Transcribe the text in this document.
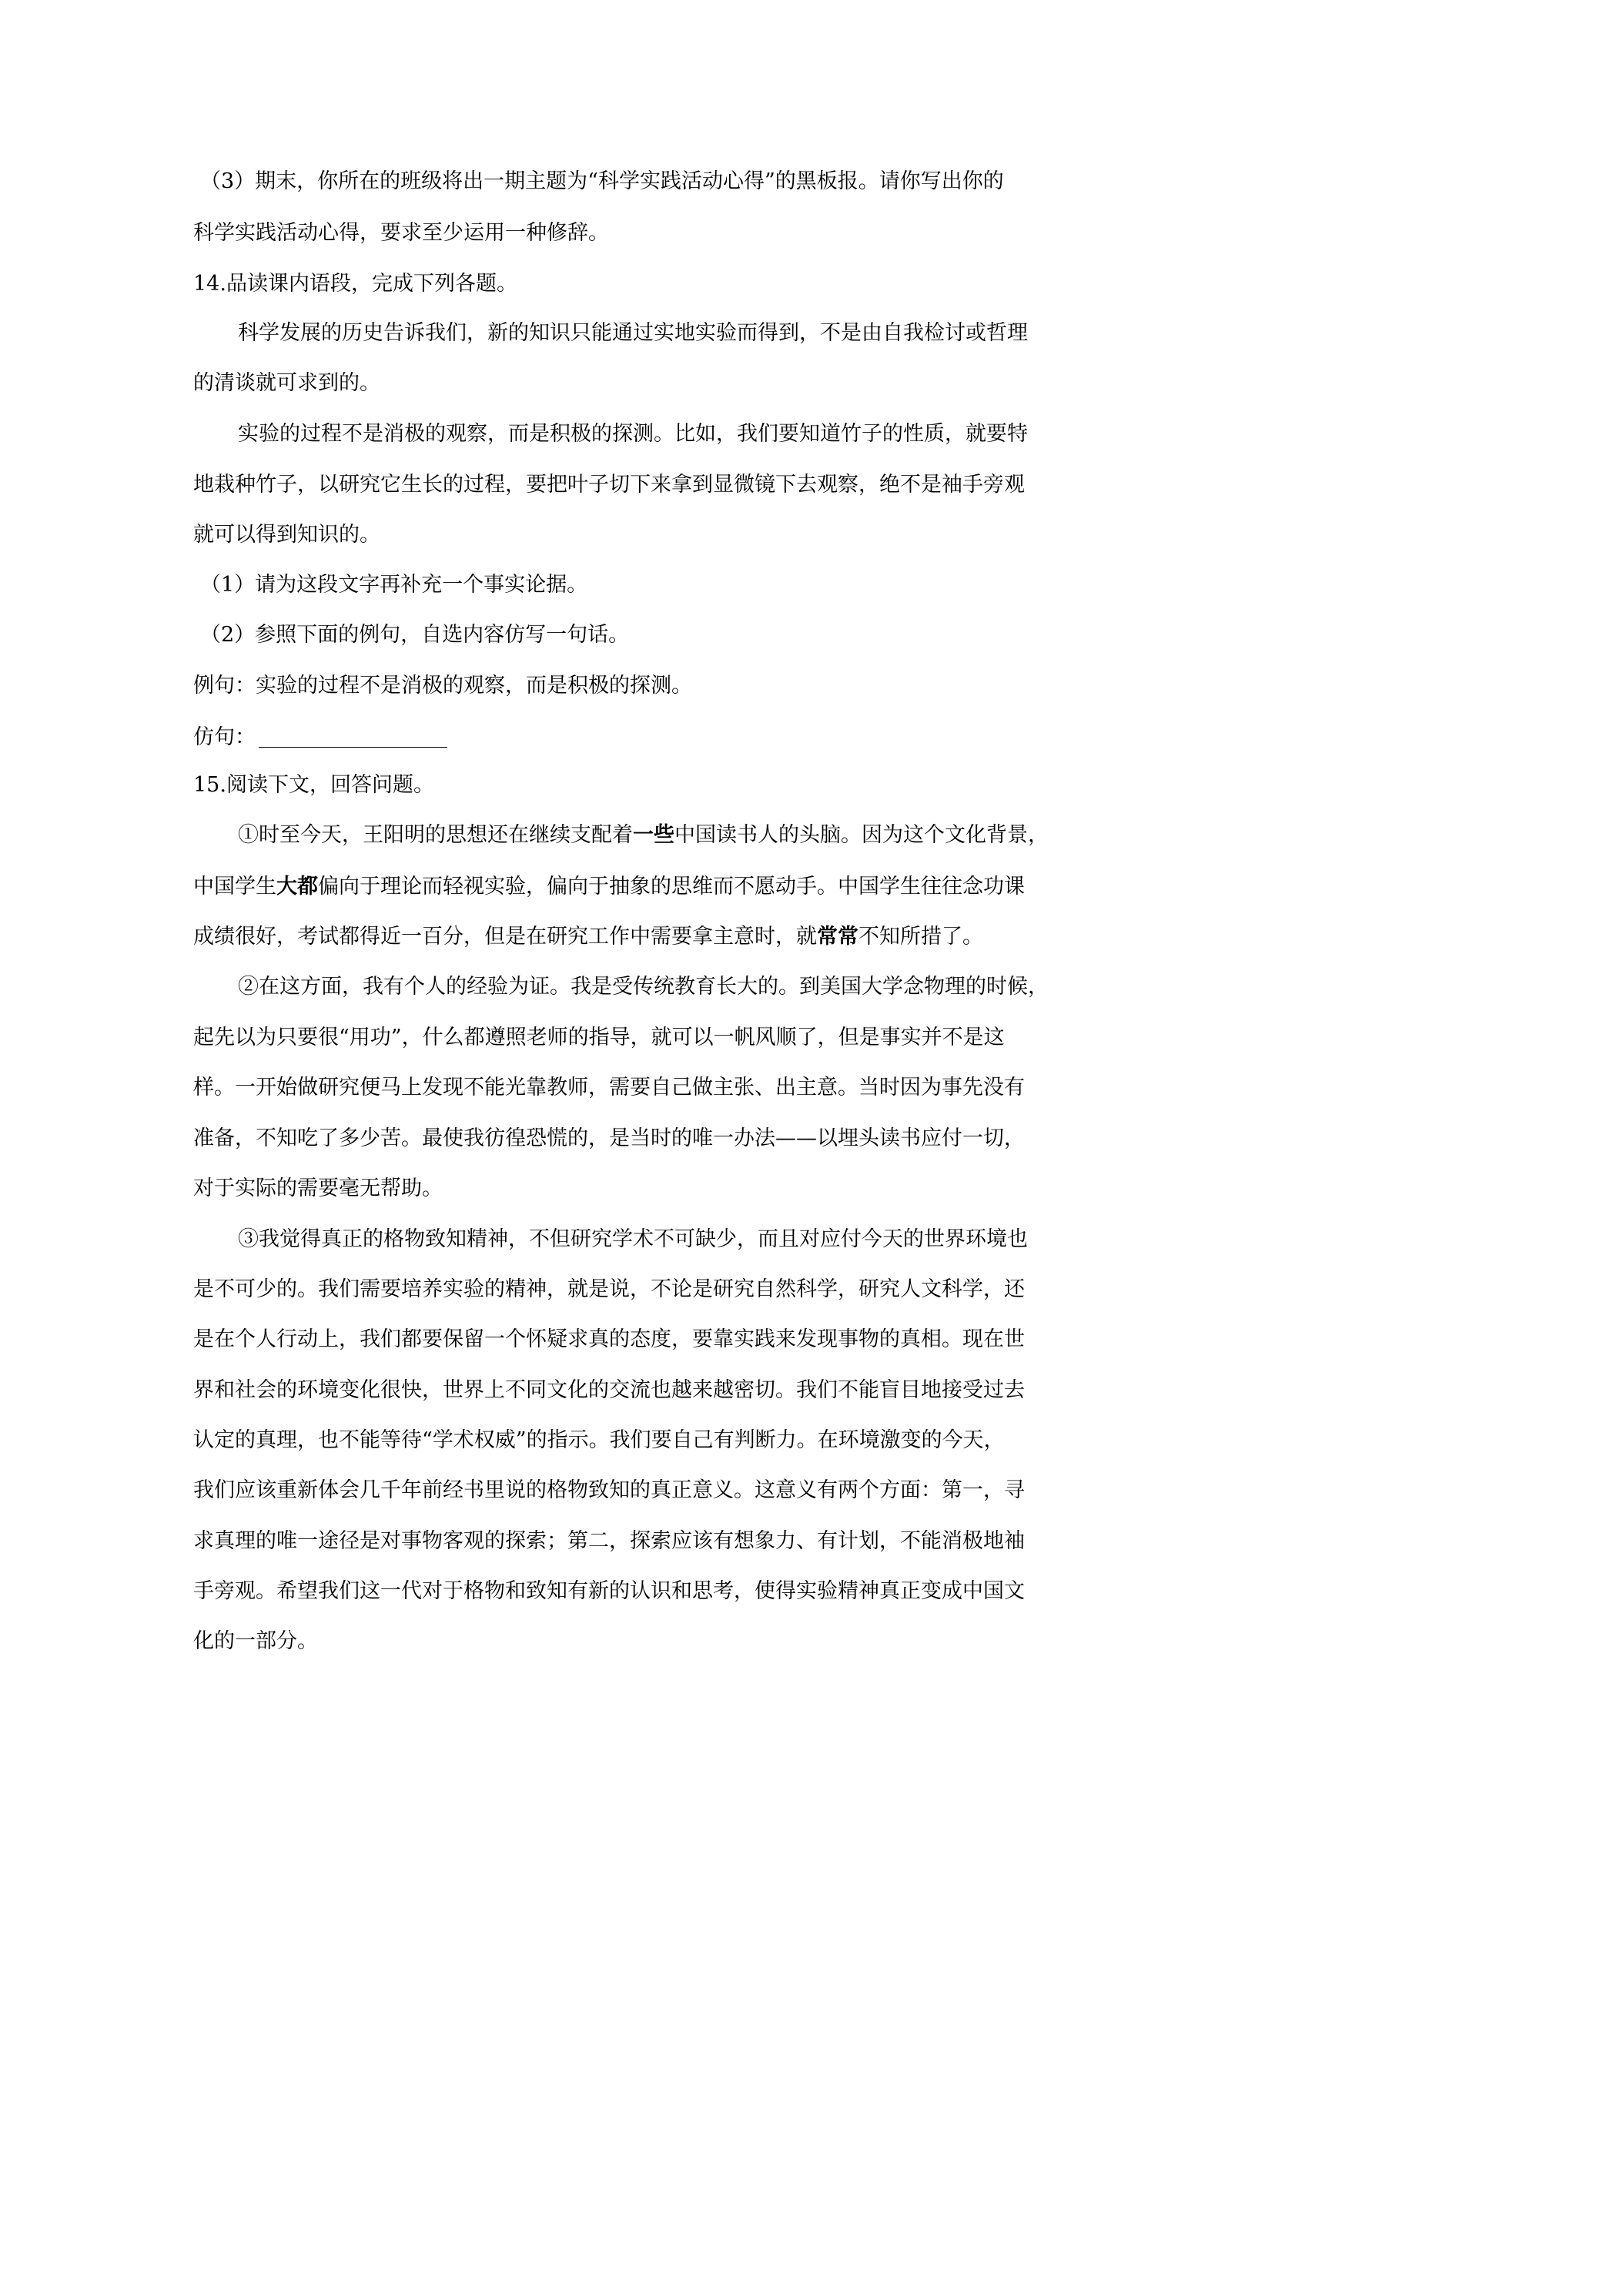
（3）期末，你所在的班级将出一期主题为“科学实践活动心得”的黑板报。请你写出你的
科学实践活动心得，要求至少运用一种修辞。
14.品读课内语段，完成下列各题。
科学发展的历史告诉我们，新的知识只能通过实地实验而得到，不是由自我检讨或哲理
的清谈就可求到的。
实验的过程不是消极的观察，而是积极的探测。比如，我们要知道竹子的性质，就要特
地栽种竹子，以研究它生长的过程，要把叶子切下来拿到显微镜下去观察，绝不是袖手旁观
就可以得到知识的。
（1）请为这段文字再补充一个事实论据。
（2）参照下面的例句，自选内容仿写一句话。
例句：实验的过程不是消极的观察，而是积极的探测。
仿句：
15.阅读下文，回答问题。
①时至今天，王阳明的思想还在继续支配着一些中国读书人的头脑。因为这个文化背景，
中国学生大都偏向于理论而轻视实验，偏向于抽象的思维而不愿动手。中国学生往往念功课
成绩很好，考试都得近一百分，但是在研究工作中需要拿主意时，就常常不知所措了。
②在这方面，我有个人的经验为证。我是受传统教育长大的。到美国大学念物理的时候，
起先以为只要很“用功”，什么都遵照老师的指导，就可以一帆风顺了，但是事实并不是这
样。一开始做研究便马上发现不能光靠教师，需要自己做主张、出主意。当时因为事先没有
准备，不知吃了多少苦。最使我彷徨恐慌的，是当时的唯一办法——以埋头读书应付一切，
对于实际的需要毫无帮助。
③我觉得真正的格物致知精神，不但研究学术不可缺少，而且对应付今天的世界环境也
是不可少的。我们需要培养实验的精神，就是说，不论是研究自然科学，研究人文科学，还
是在个人行动上，我们都要保留一个怀疑求真的态度，要靠实践来发现事物的真相。现在世
界和社会的环境变化很快，世界上不同文化的交流也越来越密切。我们不能盲目地接受过去
认定的真理，也不能等待“学术权威”的指示。我们要自己有判断力。在环境激变的今天，
我们应该重新体会几千年前经书里说的格物致知的真正意义。这意义有两个方面：第一，寻
求真理的唯一途径是对事物客观的探索；第二，探索应该有想象力、有计划，不能消极地袖
手旁观。希望我们这一代对于格物和致知有新的认识和思考，使得实验精神真正变成中国文
化的一部分。
